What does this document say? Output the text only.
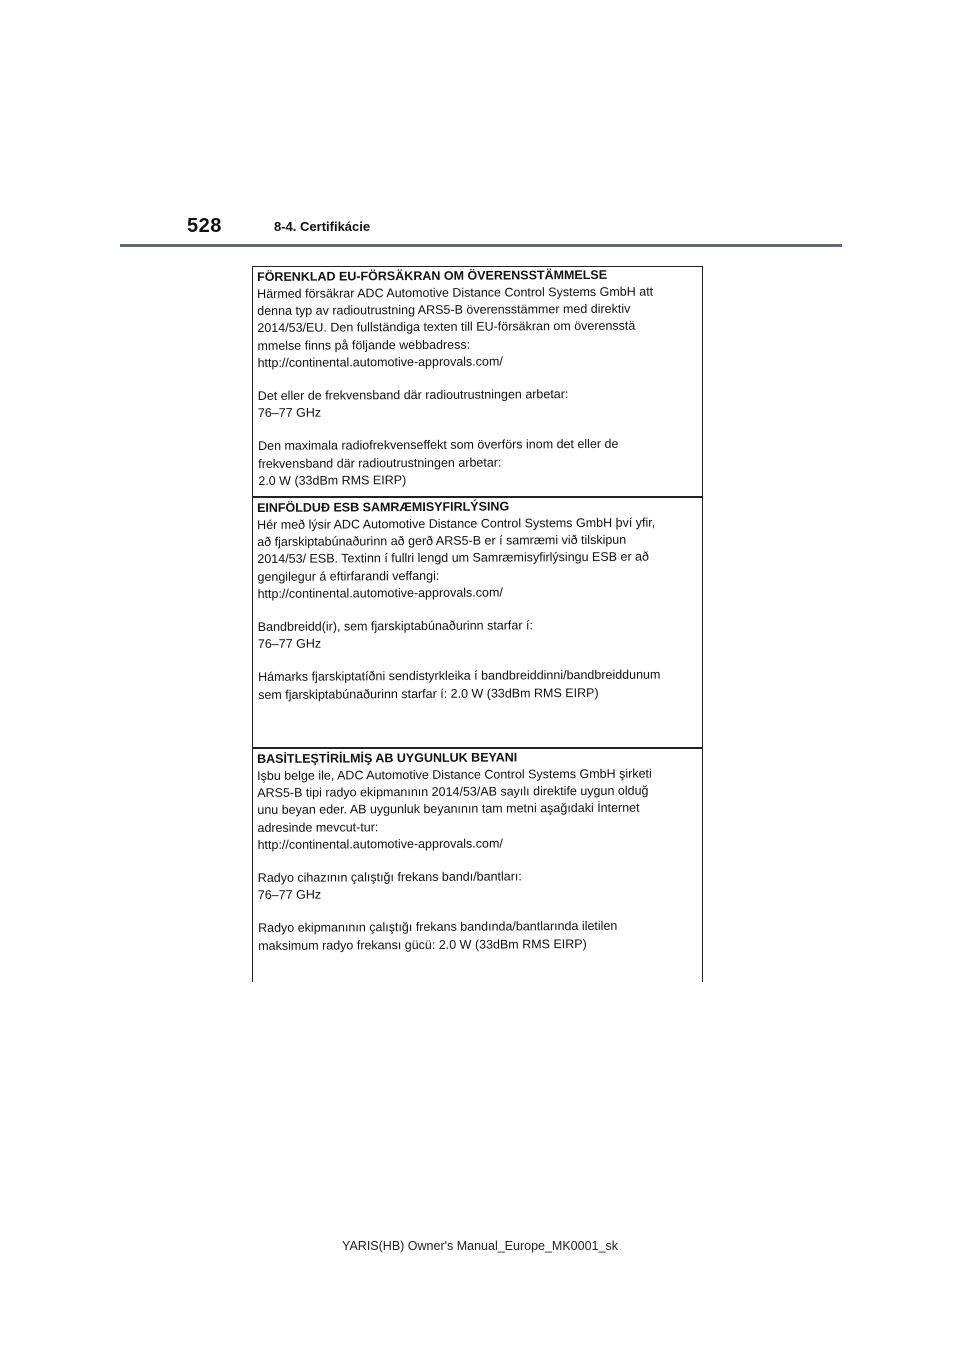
528	8-4. Certifikácie

FÖRENKLAD EU-FÖRSÄKRAN OM ÖVERENSSTÄMMELSE

Härmed försäkrar ADC Automotive Distance Control Systems GmbH att

denna typ av radioutrustning ARS5-B överensstämmer med direktiv

2014/53/EU. Den fullständiga texten till EU-försäkran om överensstä

mmelse finns på följande webbadress:

http://continental.automotive-approvals.com/

Det eller de frekvensband där radioutrustningen arbetar:

76–77 GHz

Den maximala radiofrekvenseffekt som överförs inom det eller de

frekvensband där radioutrustningen arbetar:

2.0 W (33dBm RMS EIRP)

EINFÖLDUÐ ESB SAMRÆMISYFIRLÝSING

Hér með lýsir ADC Automotive Distance Control Systems GmbH því yfir,

að fjarskiptabúnaðurinn að gerð ARS5-B er í samræmi við tilskipun

2014/53/ ESB. Textinn í fullri lengd um Samræmisyfirlýsingu ESB er að

gengilegur á eftirfarandi veffangi:

http://continental.automotive-approvals.com/

Bandbreidd(ir), sem fjarskiptabúnaðurinn starfar í:

76–77 GHz

Hámarks fjarskiptatíðni sendistyrkleika í bandbreiddinni/bandbreiddunum

sem fjarskiptabúnaðurinn starfar í: 2.0 W (33dBm RMS EIRP)

BASİTLEŞTİRİLMİŞ AB UYGUNLUK BEYANI

Işbu belge ile, ADC Automotive Distance Control Systems GmbH şirketi

ARS5-B tipi radyo ekipmanının 2014/53/AB sayılı direktife uygun olduğ

unu beyan eder. AB uygunluk beyanının tam metni aşağıdaki İnternet

adresinde mevcut-tur:

http://continental.automotive-approvals.com/

Radyo cihazının çalıştığı frekans bandı/bantları:

76–77 GHz

Radyo ekipmanının çalıştığı frekans bandında/bantlarında iletilen

maksimum radyo frekansı gücü: 2.0 W (33dBm RMS EIRP)

YARIS(HB) Owner's Manual_Europe_MK0001_sk
